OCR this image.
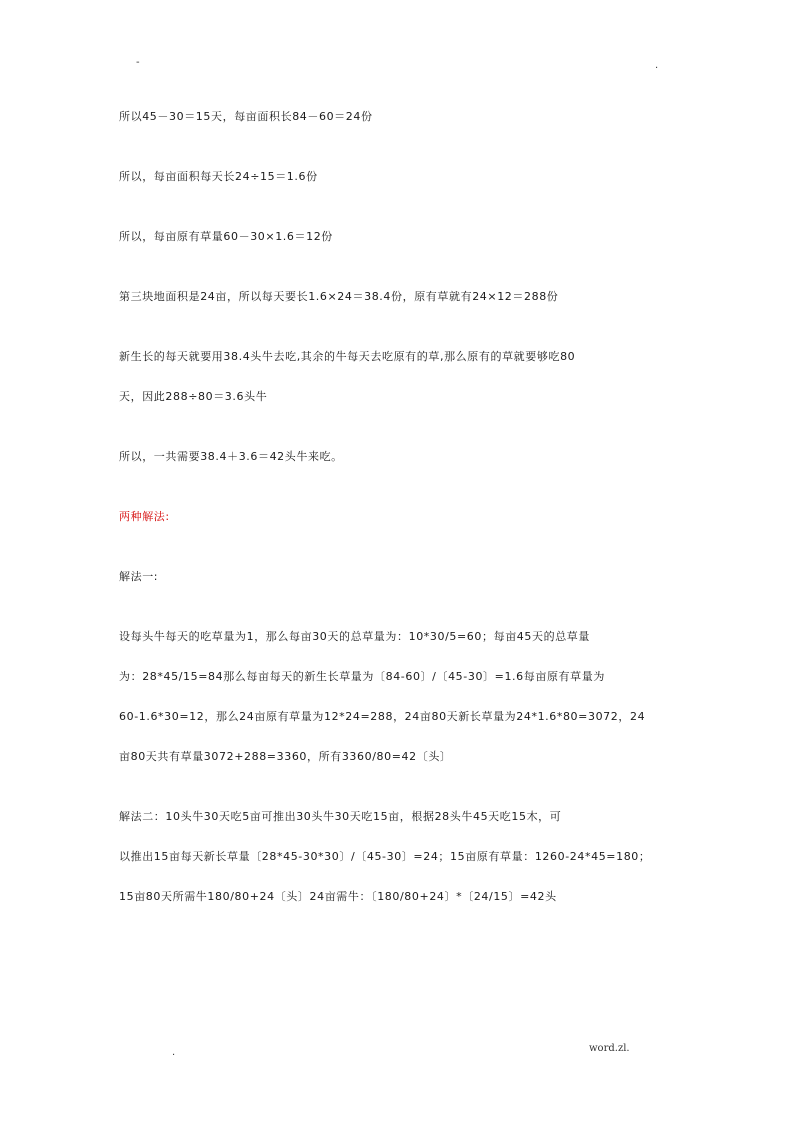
-	.

所以45－30＝15天，每亩面积长84－60＝24份

所以，每亩面积每天长24÷15＝1.6份

所以，每亩原有草量60－30×1.6＝12份

第三块地面积是24亩，所以每天要长1.6×24＝38.4份，原有草就有24×12＝288份

新生长的每天就要用38.4头牛去吃,其余的牛每天去吃原有的草,那么原有的草就要够吃80

天，因此288÷80＝3.6头牛

所以，一共需要38.4＋3.6＝42头牛来吃。

两种解法:

解法一:

设每头牛每天的吃草量为1，那么每亩30天的总草量为：10*30/5=60；每亩45天的总草量

为：28*45/15=84那么每亩每天的新生长草量为〔84-60〕/〔45-30〕=1.6每亩原有草量为

60-1.6*30=12，那么24亩原有草量为12*24=288，24亩80天新长草量为24*1.6*80=3072，24

亩80天共有草量3072+288=3360，所有3360/80=42〔头〕

解法二：10头牛30天吃5亩可推出30头牛30天吃15亩，根据28头牛45天吃15木，可

以推出15亩每天新长草量〔28*45-30*30〕/〔45-30〕=24；15亩原有草量：1260-24*45=180；

15亩80天所需牛180/80+24〔头〕24亩需牛：〔180/80+24〕*〔24/15〕=42头

.	word.zl.
